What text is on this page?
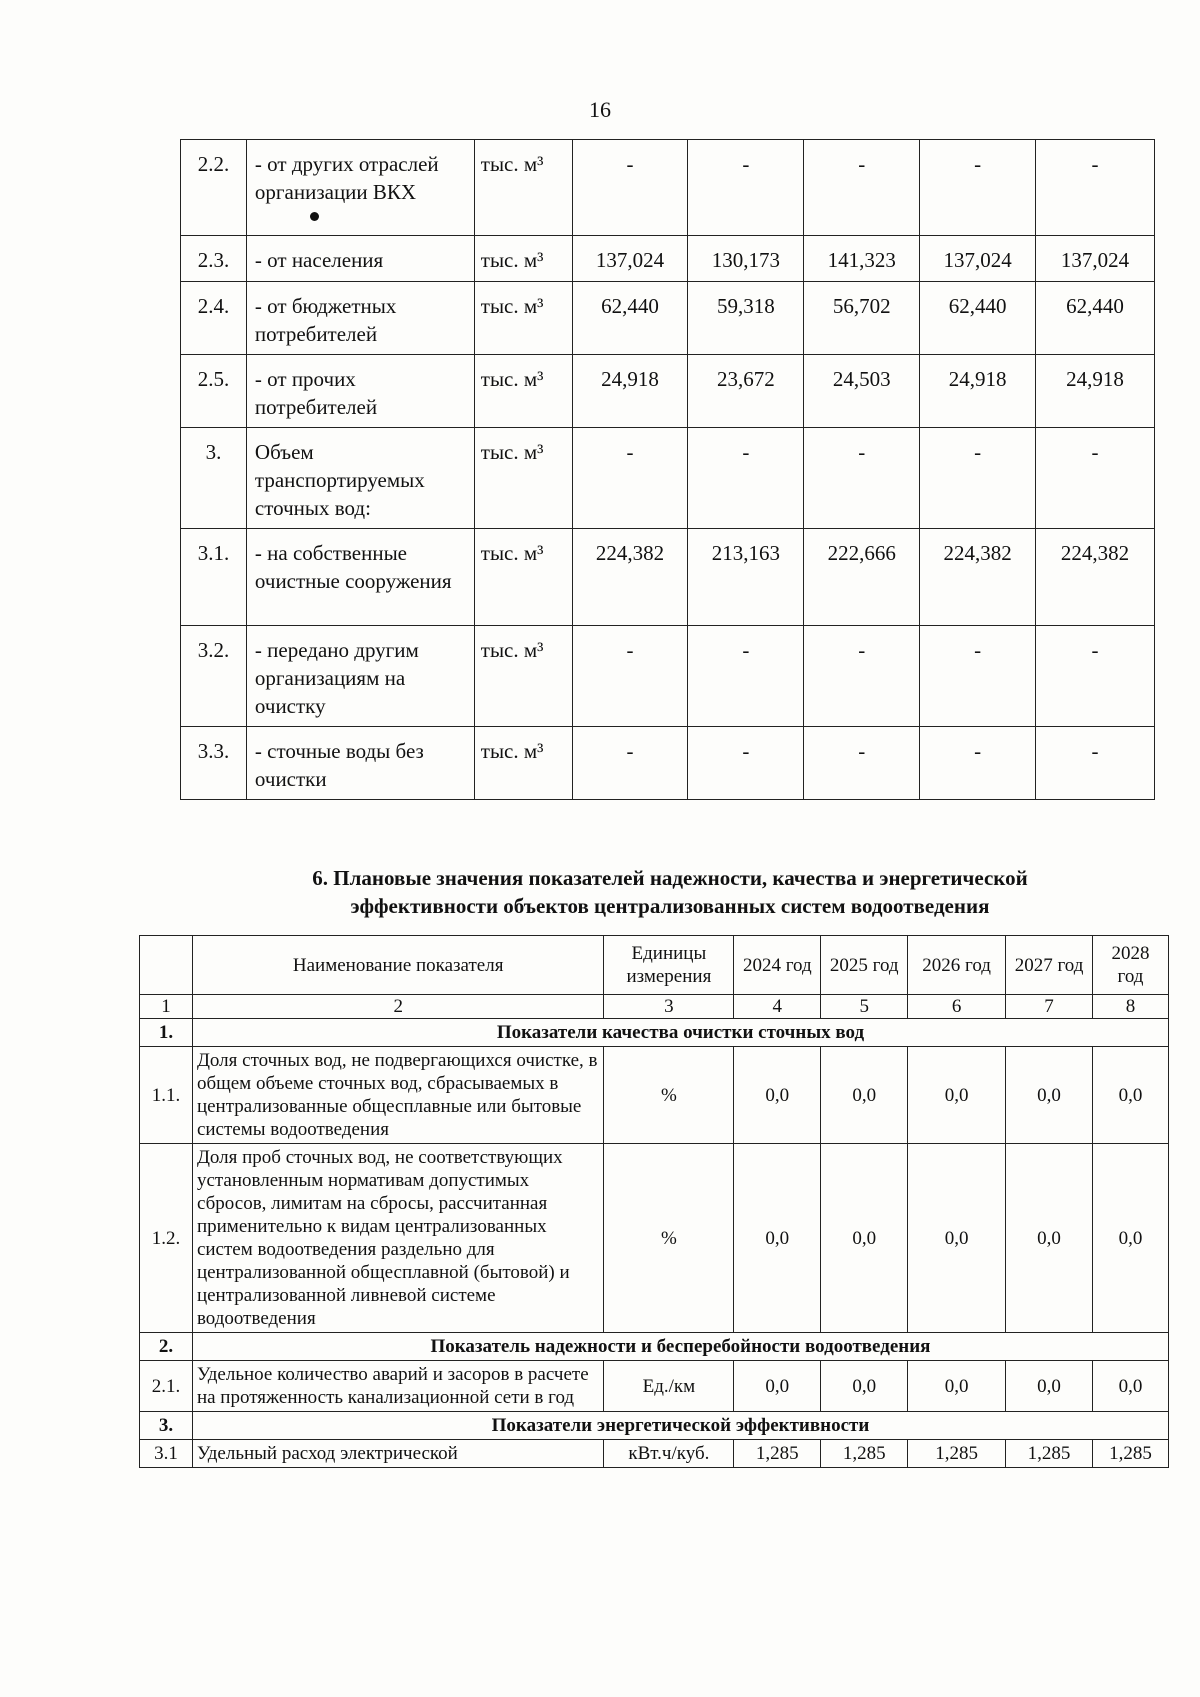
16
2.2.	- от других отраслей организации ВКХ	тыс. м³	-	-	-	-	-
2.3.	- от населения	тыс. м³	137,024	130,173	141,323	137,024	137,024
2.4.	- от бюджетных потребителей	тыс. м³	62,440	59,318	56,702	62,440	62,440
2.5.	- от прочих потребителей	тыс. м³	24,918	23,672	24,503	24,918	24,918
3.	Объем транспортируемых сточных вод:	тыс. м³	-	-	-	-	-
3.1.	- на собственные очистные сооружения	тыс. м³	224,382	213,163	222,666	224,382	224,382
3.2.	- передано другим организациям на очистку	тыс. м³	-	-	-	-	-
3.3.	- сточные воды без очистки	тыс. м³	-	-	-	-	-
6. Плановые значения показателей надежности, качества и энергетической эффективности объектов централизованных систем водоотведения
	Наименование показателя	Единицы измерения	2024 год	2025 год	2026 год	2027 год	2028 год
1	2	3	4	5	6	7	8
1.	Показатели качества очистки сточных вод						
1.1.	Доля сточных вод, не подвергающихся очистке, в общем объеме сточных вод, сбрасываемых в централизованные общесплавные или бытовые системы водоотведения	%	0,0	0,0	0,0	0,0	0,0
1.2.	Доля проб сточных вод, не соответствующих установленным нормативам допустимых сбросов, лимитам на сбросы, рассчитанная применительно к видам централизованных систем водоотведения раздельно для централизованной общесплавной (бытовой) и централизованной ливневой системе водоотведения	%	0,0	0,0	0,0	0,0	0,0
2.	Показатель надежности и бесперебойности водоотведения						
2.1.	Удельное количество аварий и засоров в расчете на протяженность канализационной сети в год	Ед./км	0,0	0,0	0,0	0,0	0,0
3.	Показатели энергетической эффективности						
3.1	Удельный расход электрической	кВт.ч/куб.	1,285	1,285	1,285	1,285	1,285
